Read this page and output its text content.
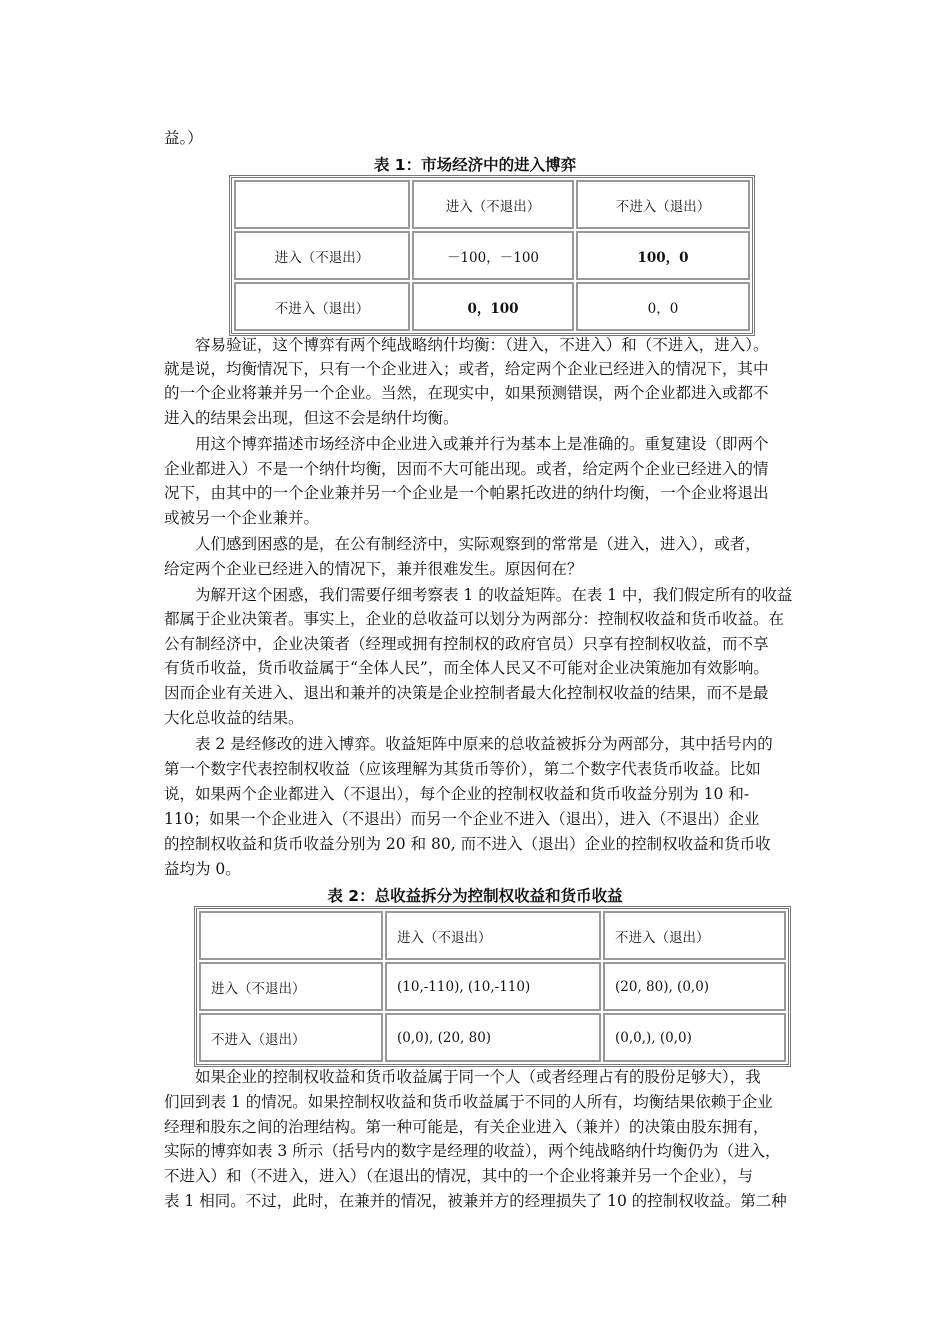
益。）
表 1：市场经济中的进入博弈
	进入（不退出）	不进入（退出）
进入（不退出）	－100，－100	100，0
不进入（退出）	0，100	0，0
容易验证，这个博弈有两个纯战略纳什均衡：（进入，不进入）和（不进入，进入）。
就是说，均衡情况下，只有一个企业进入；或者，给定两个企业已经进入的情况下，其中
的一个企业将兼并另一个企业。当然，在现实中，如果预测错误，两个企业都进入或都不
进入的结果会出现，但这不会是纳什均衡。
用这个博弈描述市场经济中企业进入或兼并行为基本上是准确的。重复建设（即两个
企业都进入）不是一个纳什均衡，因而不大可能出现。或者，给定两个企业已经进入的情
况下，由其中的一个企业兼并另一个企业是一个帕累托改进的纳什均衡，一个企业将退出
或被另一个企业兼并。
人们感到困惑的是，在公有制经济中，实际观察到的常常是（进入，进入），或者，
给定两个企业已经进入的情况下，兼并很难发生。原因何在？
为解开这个困惑，我们需要仔细考察表 1 的收益矩阵。在表 1 中，我们假定所有的收益
都属于企业决策者。事实上，企业的总收益可以划分为两部分：控制权收益和货币收益。在
公有制经济中，企业决策者（经理或拥有控制权的政府官员）只享有控制权收益，而不享
有货币收益，货币收益属于“全体人民”，而全体人民又不可能对企业决策施加有效影响。
因而企业有关进入、退出和兼并的决策是企业控制者最大化控制权收益的结果，而不是最
大化总收益的结果。
表 2 是经修改的进入博弈。收益矩阵中原来的总收益被拆分为两部分，其中括号内的
第一个数字代表控制权收益（应该理解为其货币等价），第二个数字代表货币收益。比如
说，如果两个企业都进入（不退出），每个企业的控制权收益和货币收益分别为 10 和-
110；如果一个企业进入（不退出）而另一个企业不进入（退出），进入（不退出）企业
的控制权收益和货币收益分别为 20 和 80, 而不进入（退出）企业的控制权收益和货币收
益均为 0。
表 2：总收益拆分为控制权收益和货币收益
	进入（不退出）	不进入（退出）
进入（不退出）	(10,-110), (10,-110)	(20, 80), (0,0)
不进入（退出）	(0,0), (20, 80)	(0,0,), (0,0)
如果企业的控制权收益和货币收益属于同一个人（或者经理占有的股份足够大），我
们回到表 1 的情况。如果控制权收益和货币收益属于不同的人所有，均衡结果依赖于企业
经理和股东之间的治理结构。第一种可能是，有关企业进入（兼并）的决策由股东拥有，
实际的博弈如表 3 所示（括号内的数字是经理的收益），两个纯战略纳什均衡仍为（进入，
不进入）和（不进入，进入）（在退出的情况，其中的一个企业将兼并另一个企业），与
表 1 相同。不过，此时，在兼并的情况，被兼并方的经理损失了 10 的控制权收益。第二种
